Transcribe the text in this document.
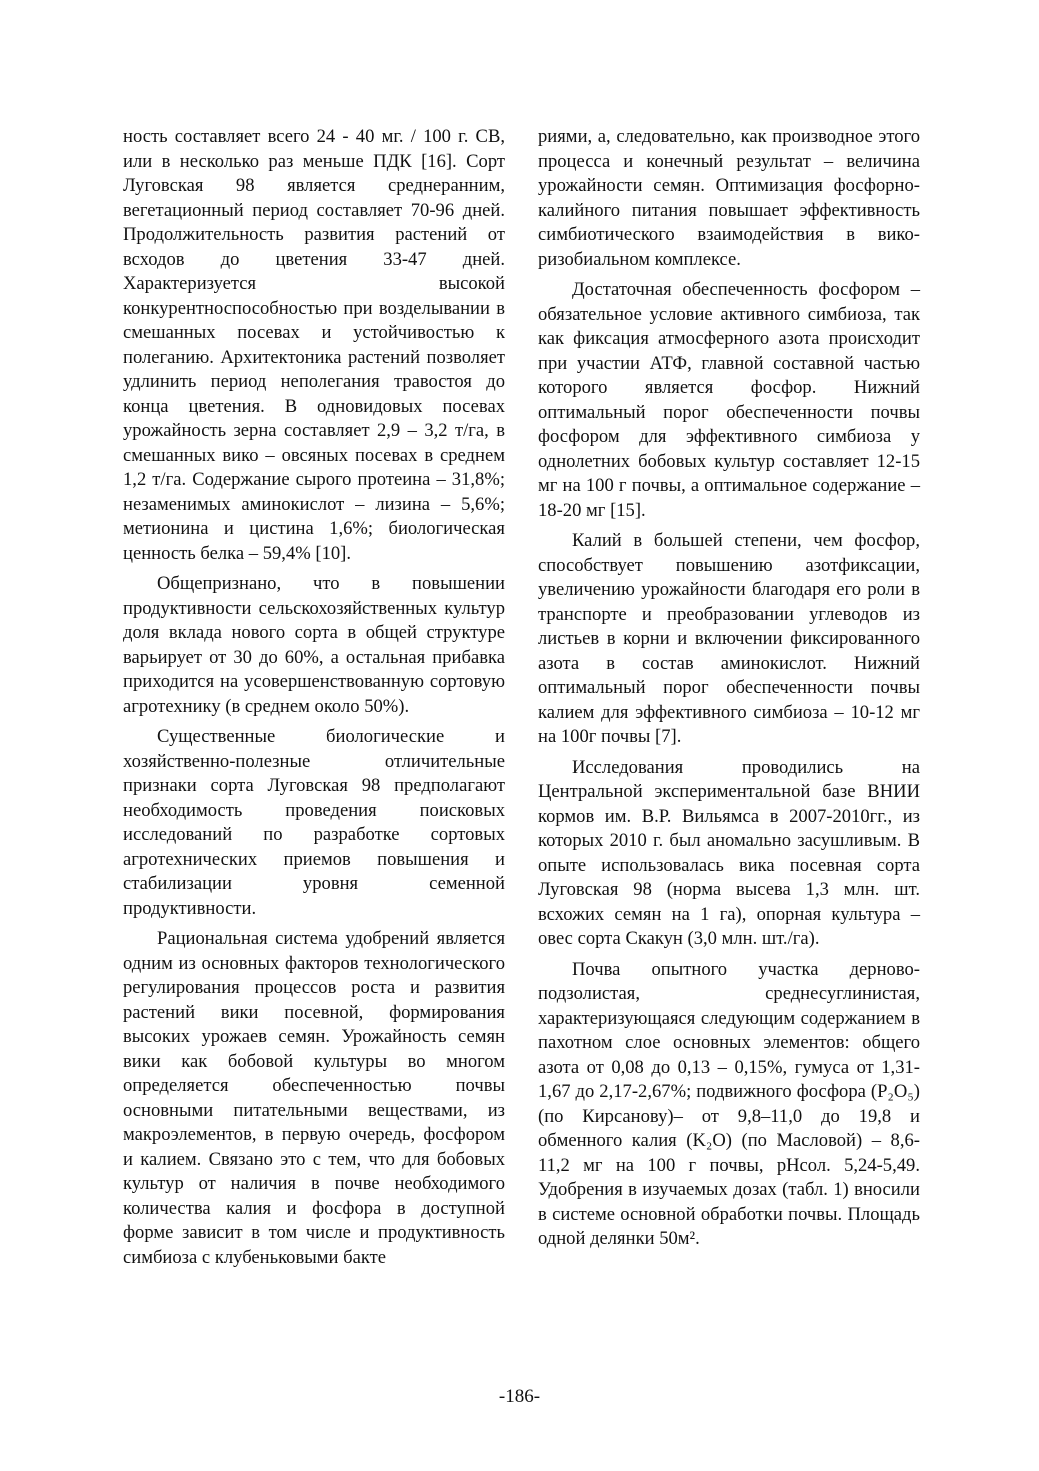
ность составляет всего 24 - 40 мг. / 100 г. СВ, или в несколько раз меньше ПДК [16]. Сорт Луговская 98 является среднеранним, вегетационный период составляет 70-96 дней. Продолжительность развития растений от всходов до цветения 33-47 дней. Характеризуется высокой конкурентноспособностью при возделывании в смешанных посевах и устойчивостью к полеганию. Архитектоника растений позволяет удлинить период неполегания травостоя до конца цветения. В одновидовых посевах урожайность зерна составляет 2,9 – 3,2 т/га, в смешанных вико – овсяных посевах в среднем 1,2 т/га. Содержание сырого протеина – 31,8%; незаменимых аминокислот – лизина – 5,6%; метионина и цистина 1,6%; биологическая ценность белка – 59,4% [10].

Общепризнано, что в повышении продуктивности сельскохозяйственных культур доля вклада нового сорта в общей структуре варьирует от 30 до 60%, а остальная прибавка приходится на усовершенствованную сортовую агротехнику (в среднем около 50%).

Существенные биологические и хозяйственно-полезные отличительные признаки сорта Луговская 98 предполагают необходимость проведения поисковых исследований по разработке сортовых агротехнических приемов повышения и стабилизации уровня семенной продуктивности.

Рациональная система удобрений является одним из основных факторов технологического регулирования процессов роста и развития растений вики посевной, формирования высоких урожаев семян. Урожайность семян вики как бобовой культуры во многом определяется обеспеченностью почвы основными питательными веществами, из макроэлементов, в первую очередь, фосфором и калием. Связано это с тем, что для бобовых культур от наличия в почве необходимого количества калия и фосфора в доступной форме зависит в том числе и продуктивность симбиоза с клубеньковыми бакте

риями, а, следовательно, как производное этого процесса и конечный результат – величина урожайности семян. Оптимизация фосфорно-калийного питания повышает эффективность симбиотического взаимодействия в вико-ризобиальном комплексе.

Достаточная обеспеченность фосфором – обязательное условие активного симбиоза, так как фиксация атмосферного азота происходит при участии АТФ, главной составной частью которого является фосфор. Нижний оптимальный порог обеспеченности почвы фосфором для эффективного симбиоза у однолетних бобовых культур составляет 12-15 мг на 100 г почвы, а оптимальное содержание – 18-20 мг [15].

Калий в большей степени, чем фосфор, способствует повышению азотфиксации, увеличению урожайности благодаря его роли в транспорте и преобразовании углеводов из листьев в корни и включении фиксированного азота в состав аминокислот. Нижний оптимальный порог обеспеченности почвы калием для эффективного симбиоза – 10-12 мг на 100г почвы [7].

Исследования проводились на Центральной экспериментальной базе ВНИИ кормов им. В.Р. Вильямса в 2007-2010гг., из которых 2010 г. был аномально засушливым. В опыте использовалась вика посевная сорта Луговская 98 (норма высева 1,3 млн. шт. всхожих семян на 1 га), опорная культура – овес сорта Скакун (3,0 млн. шт./га).

Почва опытного участка дерново-подзолистая, среднесуглинистая, характеризующаяся следующим содержанием в пахотном слое основных элементов: общего азота от 0,08 до 0,13 – 0,15%, гумуса от 1,31-1,67 до 2,17-2,67%; подвижного фосфора (P₂O₅) (по Кирсанову)– от 9,8–11,0 до 19,8 и обменного калия (K₂O) (по Масловой) – 8,6-11,2 мг на 100 г почвы, pHсол. 5,24-5,49. Удобрения в изучаемых дозах (табл. 1) вносили в системе основной обработки почвы. Площадь одной делянки 50м².

-186-
